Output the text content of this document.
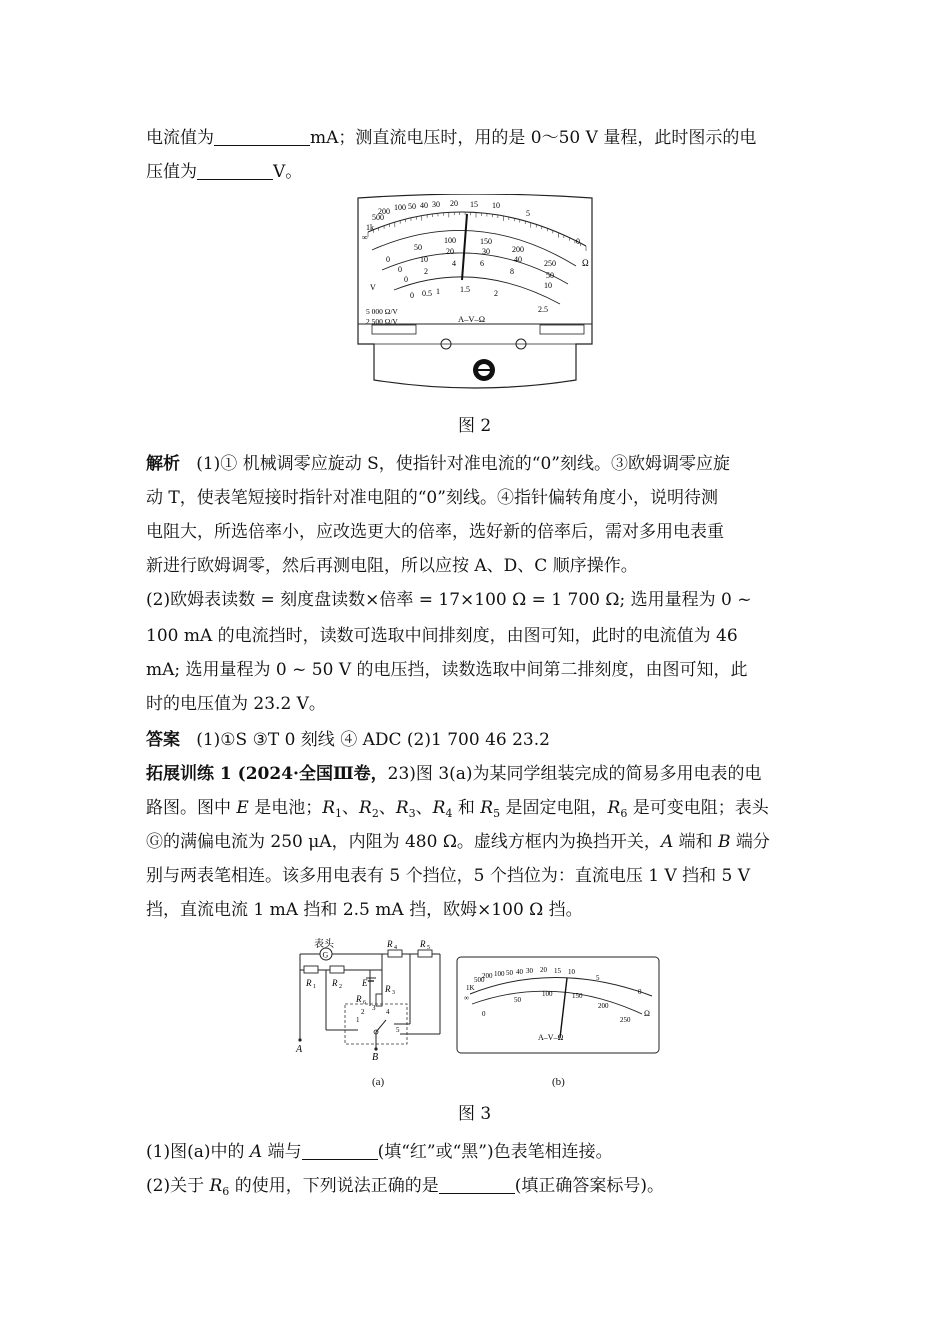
电流值为	mA；测直流电压时，用的是 0～50 V 量程，此时图示的电
压值为	V。
1k
500
200 100 50 40 30 20 15 10
5
0
∞
Ω
0
50
100	150
200
250
0
10
20	30
40
50
0
2
4	6
8
10
0 0.5 1	1.5	2
2.5
V
5 000 Ω/V
2 500 Ω/V	A–V–Ω
图 2
解析 (1)① 机械调零应旋动 S，使指针对准电流的“0”刻线。③欧姆调零应旋
动 T，使表笔短接时指针对准电阻的“0”刻线。④指针偏转角度小，说明待测
电阻大，所选倍率小，应改选更大的倍率，选好新的倍率后，需对多用电表重
新进行欧姆调零，然后再测电阻，所以应按 A、D、C 顺序操作。
(2)欧姆表读数 = 刻度盘读数×倍率 = 17×100 Ω = 1 700 Ω; 选用量程为 0 ~
100 mA 的电流挡时，读数可选取中间排刻度，由图可知，此时的电流值为 46
mA; 选用量程为 0 ~ 50 V 的电压挡，读数选取中间第二排刻度，由图可知，此
时的电压值为 23.2 V。
答案 (1)①S ③T 0 刻线 ④ ADC (2)1 700 46 23.2
拓展训练 1 (2024·全国Ⅲ卷，23)图 3(a)为某同学组装完成的简易多用电表的电
路图。图中 E 是电池；$R_1$、$R_2$、$R_3$、$R_4$ 和 $R_5$ 是固定电阻，$R_6$ 是可变电阻；表头
Ⓖ的满偏电流为 250 μA，内阻为 480 Ω。虚线方框内为换挡开关，A 端和 B 端分
别与两表笔相连。该多用电表有 5 个挡位，5 个挡位为：直流电压 1 V 挡和 5 V
挡，直流电流 1 mA 挡和 2.5 mA 挡，欧姆×100 Ω 挡。
表头
G
R 1 R 2
R 4	R 5
E
R 3
R 6
1
2 3 4
5
A
B
(a)
1K
500
200 100 50 40 30 20 15 10
5
0
∞
Ω
0
50
100	150
200
250
A–V–Ω
(b)
图 3
(1)图(a)中的 A 端与	(填“红”或“黑”)色表笔相连接。
(2)关于 $R_6$ 的使用，下列说法正确的是	(填正确答案标号)。
